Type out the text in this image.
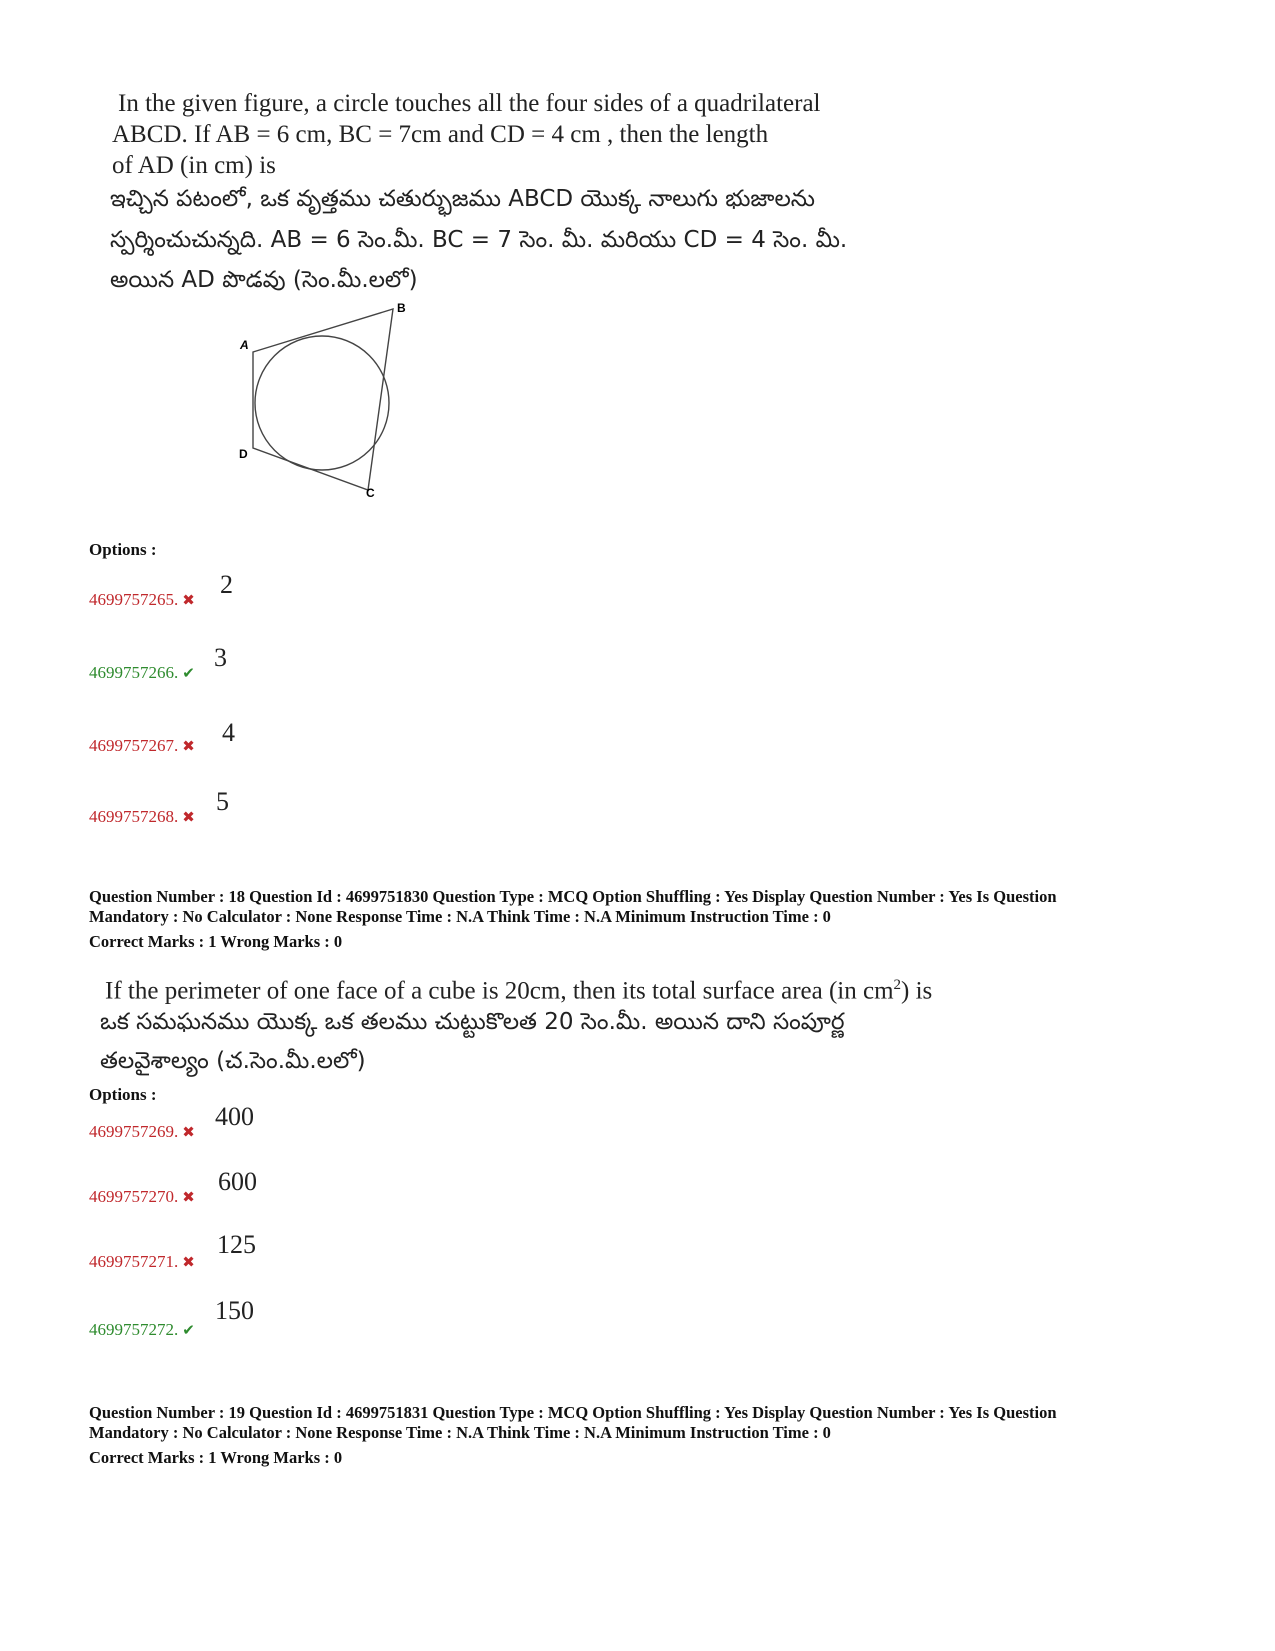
In the given figure, a circle touches all the four sides of a quadrilateral
ABCD. If AB = 6 cm, BC = 7cm and CD = 4 cm , then the length
of AD (in cm) is
ఇచ్చిన పటంలో, ఒక వృత్తము చతుర్భుజము ABCD యొక్క నాలుగు భుజాలను
స్పర్శించుచున్నది. AB = 6 సెం.మీ. BC = 7 సెం. మీ. మరియు CD = 4 సెం. మీ.
అయిన AD పొడవు (సెం.మీ.లలో)
A
B
C
D
Options :
4699757265. ✖
2
4699757266. ✔
3
4699757267. ✖ 4
4699757268. ✖
5
Question Number : 18 Question Id : 4699751830 Question Type : MCQ Option Shuffling : Yes Display Question Number : Yes Is Question
Mandatory : No Calculator : None Response Time : N.A Think Time : N.A Minimum Instruction Time : 0
Correct Marks : 1 Wrong Marks : 0
If the perimeter of one face of a cube is 20cm, then its total surface area (in $cm^2$) is
ఒక సమఘనము యొక్క ఒక తలము చుట్టుకొలత 20 సెం.మీ. అయిన దాని సంపూర్ణ
తలవైశాల్యం (చ.సెం.మీ.లలో)
Options :
4699757269. ✖
400
4699757270. ✖
600
4699757271. ✖
125
4699757272. ✔
150
Question Number : 19 Question Id : 4699751831 Question Type : MCQ Option Shuffling : Yes Display Question Number : Yes Is Question
Mandatory : No Calculator : None Response Time : N.A Think Time : N.A Minimum Instruction Time : 0
Correct Marks : 1 Wrong Marks : 0
